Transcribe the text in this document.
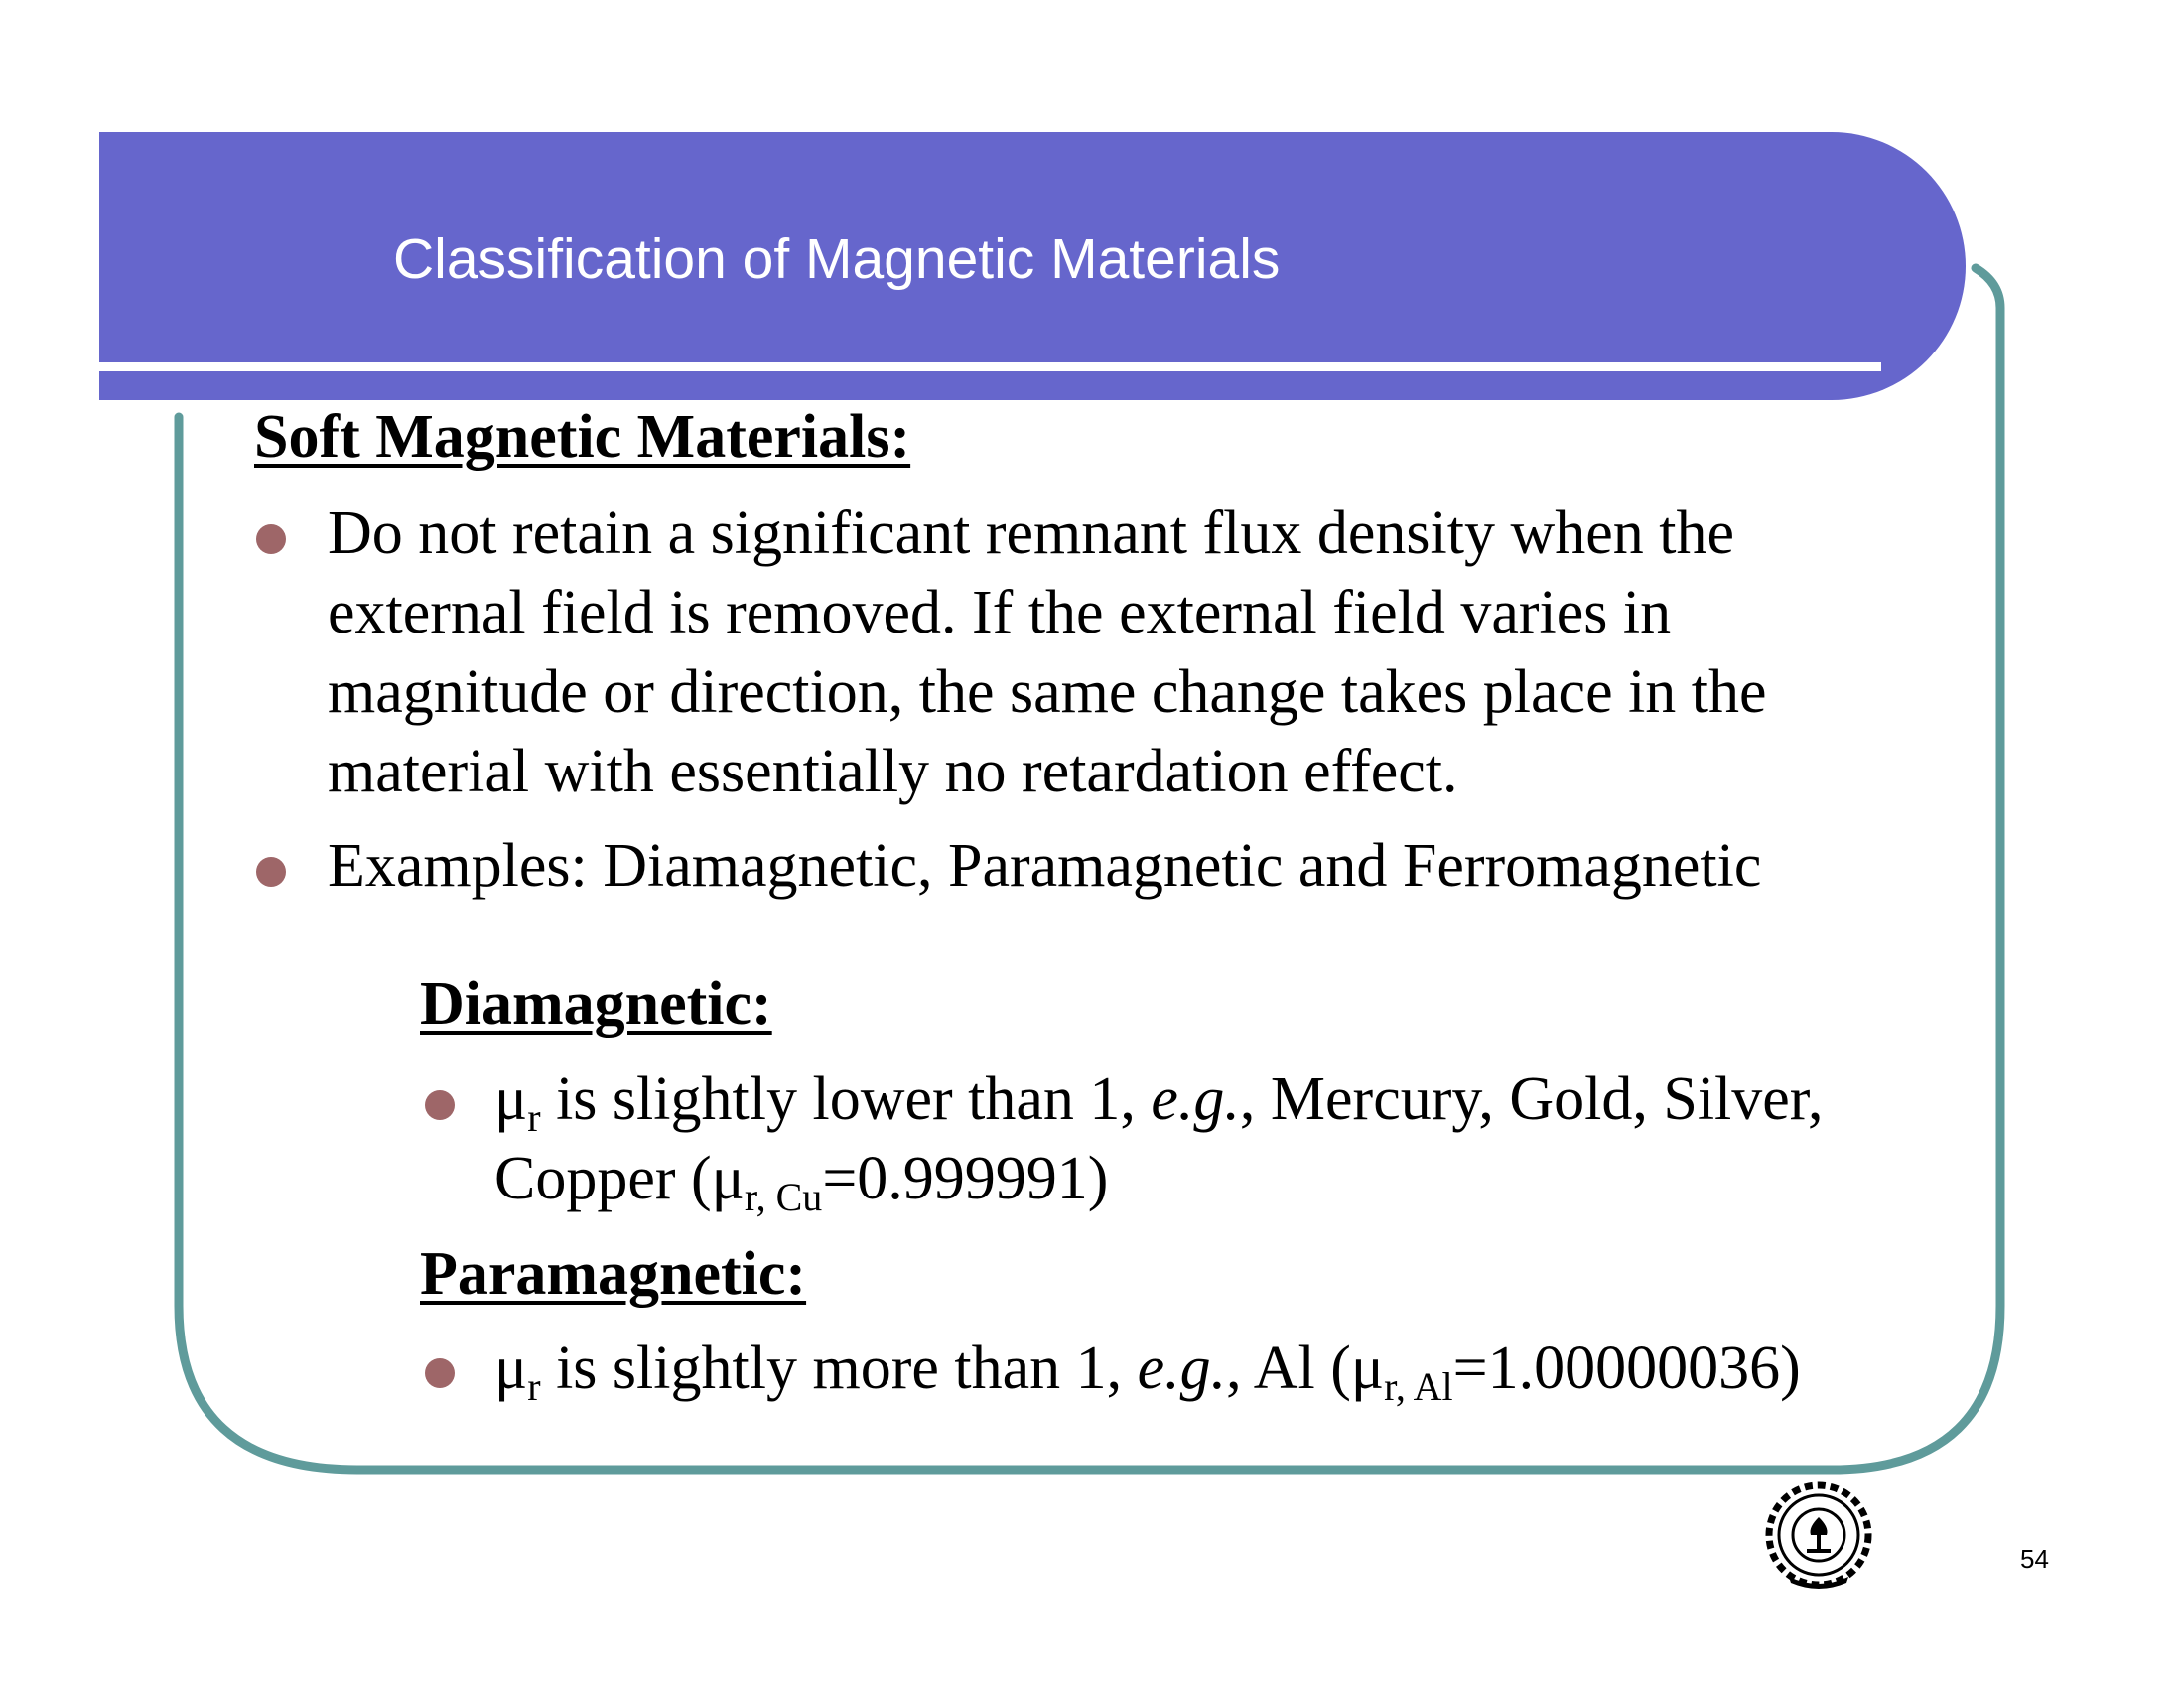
Classification of Magnetic Materials
Soft Magnetic Materials:
Do not retain a significant remnant flux density when the
external field is removed. If the external field varies in
magnitude or direction, the same change takes place in the
material with essentially no retardation effect.
Examples: Diamagnetic, Paramagnetic and Ferromagnetic
Diamagnetic:
$\mu_r$ is slightly lower than 1, e.g., Mercury, Gold, Silver,
Copper $(\mu_{r, Cu}=0.999991)$
Paramagnetic:
$\mu_r$ is slightly more than 1, e.g., Al $(\mu_{r, Al}=1.00000036)$
54
